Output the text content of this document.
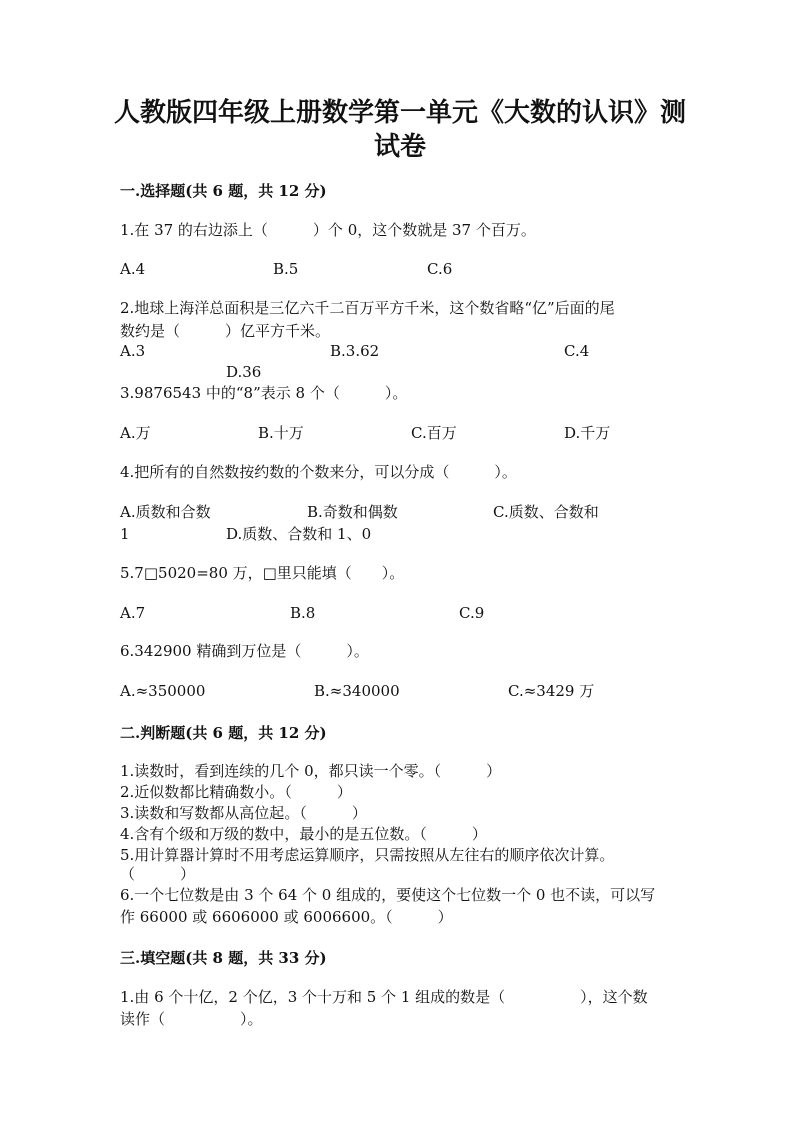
人教版四年级上册数学第一单元《大数的认识》测
试卷
一.选择题(共 6 题，共 12 分)
1.在 37 的右边添上（　　　）个 0，这个数就是 37 个百万。
A.4	B.5	C.6
2.地球上海洋总面积是三亿六千二百万平方千米，这个数省略“亿”后面的尾
数约是（　　　）亿平方千米。
A.3	B.3.62	C.4
D.36
3.9876543 中的“8”表示 8 个（　　　）。
A.万	B.十万	C.百万	D.千万
4.把所有的自然数按约数的个数来分，可以分成（　　　）。
A.质数和合数	B.奇数和偶数	C.质数、合数和
1	D.质数、合数和 1、0
5.7□5020=80 万，□里只能填（　　）。
A.7	B.8	C.9
6.342900 精确到万位是（　　　）。
A.≈350000	B.≈340000	C.≈3429 万
二.判断题(共 6 题，共 12 分)
1.读数时，看到连续的几个 0，都只读一个零。（　　　）
2.近似数都比精确数小。（　　　）
3.读数和写数都从高位起。（　　　）
4.含有个级和万级的数中，最小的是五位数。（　　　）
5.用计算器计算时不用考虑运算顺序，只需按照从左往右的顺序依次计算。
（　　　）
6.一个七位数是由 3 个 64 个 0 组成的，要使这个七位数一个 0 也不读，可以写
作 66000 或 6606000 或 6006600。（　　　）
三.填空题(共 8 题，共 33 分)
1.由 6 个十亿，2 个亿，3 个十万和 5 个 1 组成的数是（　　　　　），这个数
读作（　　　　　）。
